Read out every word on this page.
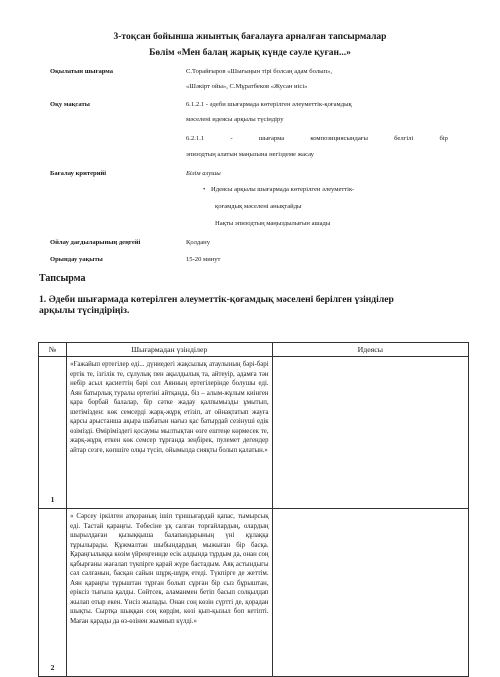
3-тоқсан бойынша жиынтық бағалауға арналған тапсырмалар
Бөлім «Мен балаң жарық күнде сәуле қуған...»
Оқылатын шығарма	С.Торайғыров «Шығыңын тірі болсаң адам болып»,
«Шәкірт ойы», С.Мұратбеков «Жусан иісі»
Оқу мақсаты	6.1.2.1 - әдеби шығармада көтерілген әлеуметтік-қоғамдық
мәселені идеясы арқылы түсіндіру
6.2.1.1	-	шығарма	композициясындағы	белгілі	бір
эпизодтың алатын маңызына негіздеме жасау
Бағалау критерийі	Білім алушы
• Идеясы арқылы шығармада көтерілген әлеуметтік-
қоғамдық мәселені анықтайды
Нақты эпизодтың маңыздылығын ашады
Ойлау дағдыларының деңгейі	Қолдану
Орындау уақыты	15-20 минут
Тапсырма
1. Әдеби шығармада көтерілген әлеуметтік-қоғамдық мәселені берілген үзінділер
арқылы түсіндіріңіз.
№	Шығармадан үзінділер	Идеясы
1	«Ғажайып ертегілер еді... дүниедегі жақсылық атаулының бәрі-бәрі ертік те, ізгілік те, сұлулық пен ақылдылық та, айтеуір, адамға тән небір асыл қасиеттің бәрі сол Аянның ертегілерінде болушы еді. Аян батырлық туралы ертегіні айтқанда, біз – алым-жұлым киінген қара борбай балалар, бір сәтке жадау қалпымызды ұмытып, шетімізден: көк семсерді жарқ-жұрқ етізіп, ат ойнақтатып жауға қарсы арыстанша ақыра шабатын нағыз қас батырдай сезінуші едік өзімізді. Өміріміздегі қосаумы мылтықтан өзге ештеңе көрмесек те, жарқ-жұрқ еткен көк семсер тұрғанда зеңбірек, пулемет дегендер айтар сезге, көпшіге олқы түсіп, ойымызда сияқты болып қалатын.»	
2	« Сәрсеу іркілген атқораның ішіп тұншығардай қапас, тымырсық еді. Тастай қараңғы. Төбесіне ұқ салған торғайлардың, олардың шырылдаған қызыққыша балапандарының үні құлаққа тұрылырады. Құжмалтан шыбындардың мыжыған бір басқа. Қараңғылыққа көзім үйреңгеннде есік алдында тұрдым да, онан соң қабырғаны жағалап түкпірге қарай жүре бастадым. Аяқ астындыгы сәл салғанын, басқан сайын шұрқ-шұрқ етеді. Түкпірге де жеттім. Аян қараңғы тұрыштан тұрған болып сұрған бір сыз бұрыштан, еріксіз тығыла қалды. Сөйтсек, аламанмен бетіп басып солқылдап жылап отыр екен. Үнсіз жылады. Онан соң көзін сүртті де, қорадан шықты. Сыртқа шыққан соң көрдім, көзі қып-қызыл боп кетіпті. Маған қарады да өз-өзінен жымиып күлді.»	
